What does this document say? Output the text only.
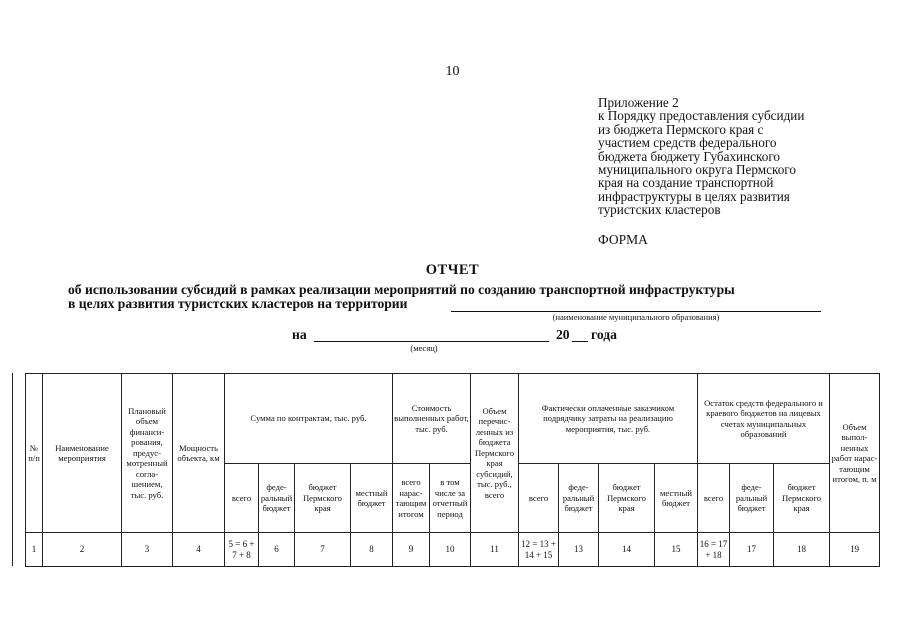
10
Приложение 2
к Порядку предоставления субсидии
из бюджета Пермского края с
участием средств федерального
бюджета бюджету Губахинского
муниципального округа Пермского
края на создание транспортной
инфраструктуры в целях развития
туристских кластеров
ФОРМА
ОТЧЕТ
об использовании субсидий в рамках реализации мероприятий по созданию транспортной инфраструктуры
в целях развития туристских кластеров на территории
(наименование муниципального образования)
на
(месяц)
20 года
№ п/п	Наименование мероприятия	Плановый объем финанси-рования, предус-мотренный согла-шением, тыс. руб.	Мощность объекта, км	Сумма по контрактам, тыс. руб.				Стоимость выполненных работ, тыс. руб.		Объем перечис-ленных из бюджета Пермского края субсидий, тыс. руб., всего	Фактически оплаченные заказчиком подрядчику затраты на реализацию мероприятия, тыс. руб.				Остаток средств федерального и краевого бюджетов на лицевых счетах муниципальных образований			Объем выпол-ненных работ нарас-тающим итогом, п. м
				всего	феде-ральный бюджет	бюджет Пермского края	местный бюджет	всего нарас-тающим итогом	в том числе за отчетный период		всего	феде-ральный бюджет	бюджет Пермского края	местный бюджет	всего	феде-ральный бюджет	бюджет Пермского края	
1	2	3	4	5 = 6 + 7 + 8	6	7	8	9	10	11	12 = 13 + 14 + 15	13	14	15	16 = 17 + 18	17	18	19
